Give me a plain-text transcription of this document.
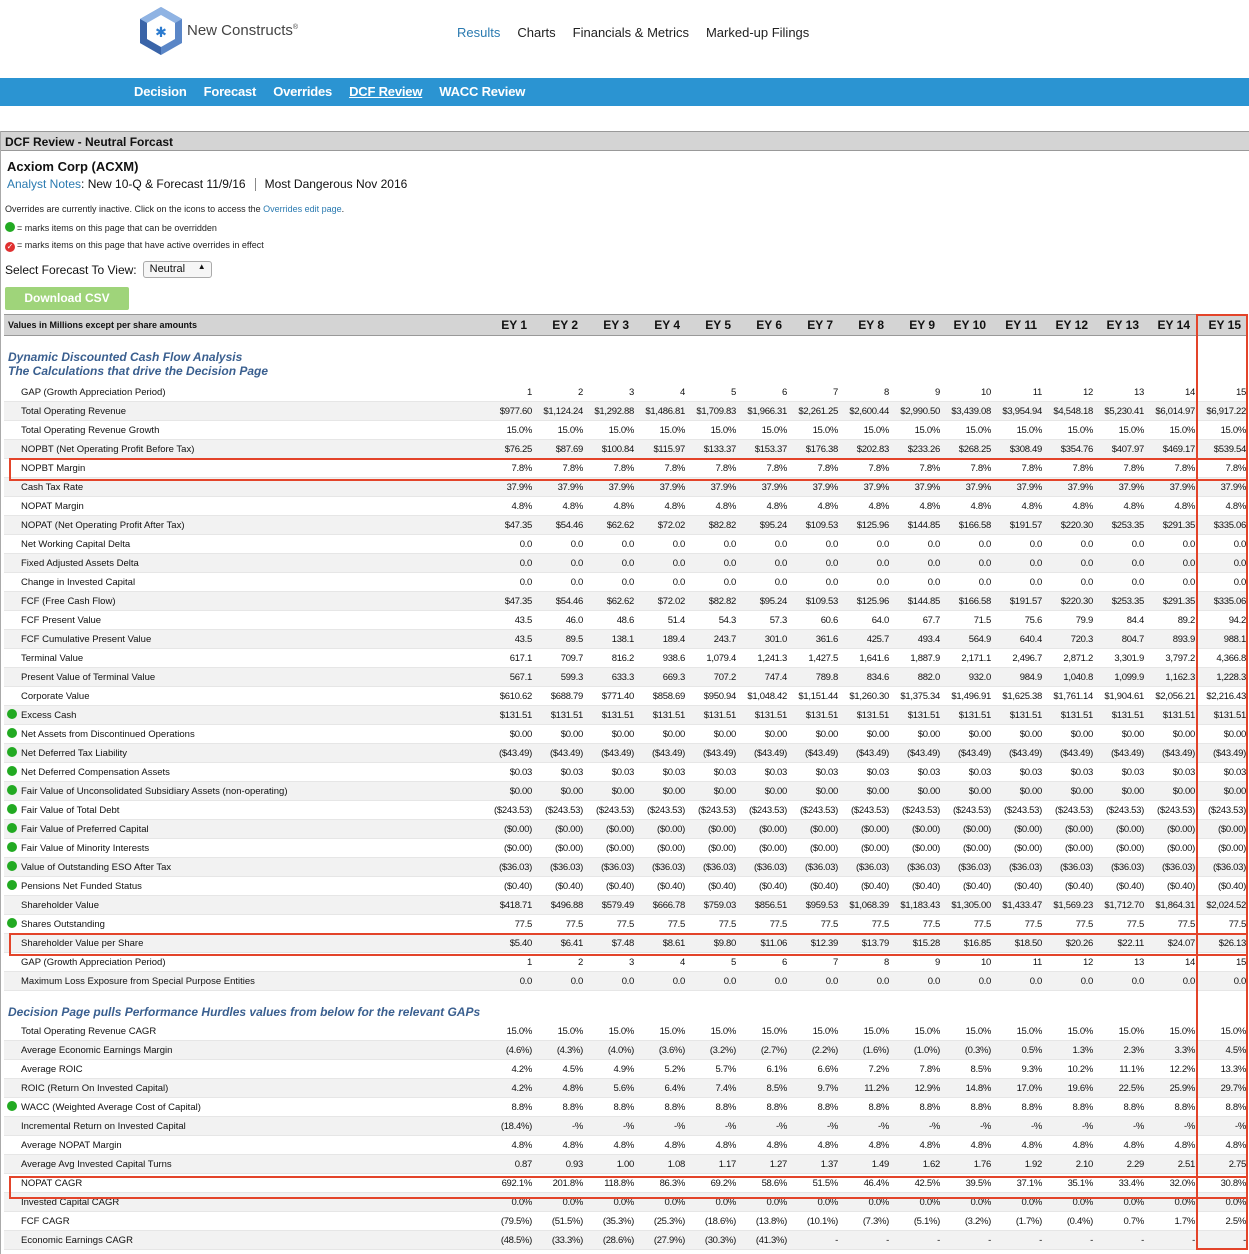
✱ New Constructs®	Results Charts Financials & Metrics Marked-up Filings
Decision Forecast Overrides DCF Review WACC Review
DCF Review - Neutral Forcast
Acxiom Corp (ACXM)
Analyst Notes : New 10-Q & Forecast 11/9/16 Most Dangerous Nov 2016
Overrides are currently inactive. Click on the icons to access the Overrides edit page.
= marks items on this page that can be overridden
✓ = marks items on this page that have active overrides in effect
Select Forecast To View:	Neutral ▲

Download CSV
Values in Millions except per share amounts	EY 1	EY 2	EY 3	EY 4	EY 5	EY 6	EY 7	EY 8	EY 9	EY 10	EY 11	EY 12	EY 13	EY 14	EY 15
Dynamic Discounted Cash Flow Analysis
The Calculations that drive the Decision Page
GAP (Growth Appreciation Period)	1	2	3	4	5	6	7	8	9	10	11	12	13	14	15
Total Operating Revenue	$977.60	$1,124.24	$1,292.88	$1,486.81	$1,709.83	$1,966.31	$2,261.25	$2,600.44	$2,990.50	$3,439.08	$3,954.94	$4,548.18	$5,230.41	$6,014.97	$6,917.22
Total Operating Revenue Growth	15.0%	15.0%	15.0%	15.0%	15.0%	15.0%	15.0%	15.0%	15.0%	15.0%	15.0%	15.0%	15.0%	15.0%	15.0%
NOPBT (Net Operating Profit Before Tax)	$76.25	$87.69	$100.84	$115.97	$133.37	$153.37	$176.38	$202.83	$233.26	$268.25	$308.49	$354.76	$407.97	$469.17	$539.54
NOPBT Margin	7.8%	7.8%	7.8%	7.8%	7.8%	7.8%	7.8%	7.8%	7.8%	7.8%	7.8%	7.8%	7.8%	7.8%	7.8%
Cash Tax Rate	37.9%	37.9%	37.9%	37.9%	37.9%	37.9%	37.9%	37.9%	37.9%	37.9%	37.9%	37.9%	37.9%	37.9%	37.9%
NOPAT Margin	4.8%	4.8%	4.8%	4.8%	4.8%	4.8%	4.8%	4.8%	4.8%	4.8%	4.8%	4.8%	4.8%	4.8%	4.8%
NOPAT (Net Operating Profit After Tax)	$47.35	$54.46	$62.62	$72.02	$82.82	$95.24	$109.53	$125.96	$144.85	$166.58	$191.57	$220.30	$253.35	$291.35	$335.06
Net Working Capital Delta	0.0	0.0	0.0	0.0	0.0	0.0	0.0	0.0	0.0	0.0	0.0	0.0	0.0	0.0	0.0
Fixed Adjusted Assets Delta	0.0	0.0	0.0	0.0	0.0	0.0	0.0	0.0	0.0	0.0	0.0	0.0	0.0	0.0	0.0
Change in Invested Capital	0.0	0.0	0.0	0.0	0.0	0.0	0.0	0.0	0.0	0.0	0.0	0.0	0.0	0.0	0.0
FCF (Free Cash Flow)	$47.35	$54.46	$62.62	$72.02	$82.82	$95.24	$109.53	$125.96	$144.85	$166.58	$191.57	$220.30	$253.35	$291.35	$335.06
FCF Present Value	43.5	46.0	48.6	51.4	54.3	57.3	60.6	64.0	67.7	71.5	75.6	79.9	84.4	89.2	94.2
FCF Cumulative Present Value	43.5	89.5	138.1	189.4	243.7	301.0	361.6	425.7	493.4	564.9	640.4	720.3	804.7	893.9	988.1
Terminal Value	617.1	709.7	816.2	938.6	1,079.4	1,241.3	1,427.5	1,641.6	1,887.9	2,171.1	2,496.7	2,871.2	3,301.9	3,797.2	4,366.8
Present Value of Terminal Value	567.1	599.3	633.3	669.3	707.2	747.4	789.8	834.6	882.0	932.0	984.9	1,040.8	1,099.9	1,162.3	1,228.3
Corporate Value	$610.62	$688.79	$771.40	$858.69	$950.94	$1,048.42	$1,151.44	$1,260.30	$1,375.34	$1,496.91	$1,625.38	$1,761.14	$1,904.61	$2,056.21	$2,216.43
Excess Cash	$131.51	$131.51	$131.51	$131.51	$131.51	$131.51	$131.51	$131.51	$131.51	$131.51	$131.51	$131.51	$131.51	$131.51	$131.51
Net Assets from Discontinued Operations	$0.00	$0.00	$0.00	$0.00	$0.00	$0.00	$0.00	$0.00	$0.00	$0.00	$0.00	$0.00	$0.00	$0.00	$0.00
Net Deferred Tax Liability	($43.49)	($43.49)	($43.49)	($43.49)	($43.49)	($43.49)	($43.49)	($43.49)	($43.49)	($43.49)	($43.49)	($43.49)	($43.49)	($43.49)	($43.49)
Net Deferred Compensation Assets	$0.03	$0.03	$0.03	$0.03	$0.03	$0.03	$0.03	$0.03	$0.03	$0.03	$0.03	$0.03	$0.03	$0.03	$0.03
Fair Value of Unconsolidated Subsidiary Assets (non-operating)	$0.00	$0.00	$0.00	$0.00	$0.00	$0.00	$0.00	$0.00	$0.00	$0.00	$0.00	$0.00	$0.00	$0.00	$0.00
Fair Value of Total Debt	($243.53)	($243.53)	($243.53)	($243.53)	($243.53)	($243.53)	($243.53)	($243.53)	($243.53)	($243.53)	($243.53)	($243.53)	($243.53)	($243.53)	($243.53)
Fair Value of Preferred Capital	($0.00)	($0.00)	($0.00)	($0.00)	($0.00)	($0.00)	($0.00)	($0.00)	($0.00)	($0.00)	($0.00)	($0.00)	($0.00)	($0.00)	($0.00)
Fair Value of Minority Interests	($0.00)	($0.00)	($0.00)	($0.00)	($0.00)	($0.00)	($0.00)	($0.00)	($0.00)	($0.00)	($0.00)	($0.00)	($0.00)	($0.00)	($0.00)
Value of Outstanding ESO After Tax	($36.03)	($36.03)	($36.03)	($36.03)	($36.03)	($36.03)	($36.03)	($36.03)	($36.03)	($36.03)	($36.03)	($36.03)	($36.03)	($36.03)	($36.03)
Pensions Net Funded Status	($0.40)	($0.40)	($0.40)	($0.40)	($0.40)	($0.40)	($0.40)	($0.40)	($0.40)	($0.40)	($0.40)	($0.40)	($0.40)	($0.40)	($0.40)
Shareholder Value	$418.71	$496.88	$579.49	$666.78	$759.03	$856.51	$959.53	$1,068.39	$1,183.43	$1,305.00	$1,433.47	$1,569.23	$1,712.70	$1,864.31	$2,024.52
Shares Outstanding	77.5	77.5	77.5	77.5	77.5	77.5	77.5	77.5	77.5	77.5	77.5	77.5	77.5	77.5	77.5
Shareholder Value per Share	$5.40	$6.41	$7.48	$8.61	$9.80	$11.06	$12.39	$13.79	$15.28	$16.85	$18.50	$20.26	$22.11	$24.07	$26.13
GAP (Growth Appreciation Period)	1	2	3	4	5	6	7	8	9	10	11	12	13	14	15
Maximum Loss Exposure from Special Purpose Entities	0.0	0.0	0.0	0.0	0.0	0.0	0.0	0.0	0.0	0.0	0.0	0.0	0.0	0.0	0.0
Decision Page pulls Performance Hurdles values from below for the relevant GAPs
Total Operating Revenue CAGR	15.0%	15.0%	15.0%	15.0%	15.0%	15.0%	15.0%	15.0%	15.0%	15.0%	15.0%	15.0%	15.0%	15.0%	15.0%
Average Economic Earnings Margin	(4.6%)	(4.3%)	(4.0%)	(3.6%)	(3.2%)	(2.7%)	(2.2%)	(1.6%)	(1.0%)	(0.3%)	0.5%	1.3%	2.3%	3.3%	4.5%
Average ROIC	4.2%	4.5%	4.9%	5.2%	5.7%	6.1%	6.6%	7.2%	7.8%	8.5%	9.3%	10.2%	11.1%	12.2%	13.3%
ROIC (Return On Invested Capital)	4.2%	4.8%	5.6%	6.4%	7.4%	8.5%	9.7%	11.2%	12.9%	14.8%	17.0%	19.6%	22.5%	25.9%	29.7%
WACC (Weighted Average Cost of Capital)	8.8%	8.8%	8.8%	8.8%	8.8%	8.8%	8.8%	8.8%	8.8%	8.8%	8.8%	8.8%	8.8%	8.8%	8.8%
Incremental Return on Invested Capital	(18.4%)	-%	-%	-%	-%	-%	-%	-%	-%	-%	-%	-%	-%	-%	-%
Average NOPAT Margin	4.8%	4.8%	4.8%	4.8%	4.8%	4.8%	4.8%	4.8%	4.8%	4.8%	4.8%	4.8%	4.8%	4.8%	4.8%
Average Avg Invested Capital Turns	0.87	0.93	1.00	1.08	1.17	1.27	1.37	1.49	1.62	1.76	1.92	2.10	2.29	2.51	2.75
NOPAT CAGR	692.1%	201.8%	118.8%	86.3%	69.2%	58.6%	51.5%	46.4%	42.5%	39.5%	37.1%	35.1%	33.4%	32.0%	30.8%
Invested Capital CAGR	0.0%	0.0%	0.0%	0.0%	0.0%	0.0%	0.0%	0.0%	0.0%	0.0%	0.0%	0.0%	0.0%	0.0%	0.0%
FCF CAGR	(79.5%)	(51.5%)	(35.3%)	(25.3%)	(18.6%)	(13.8%)	(10.1%)	(7.3%)	(5.1%)	(3.2%)	(1.7%)	(0.4%)	0.7%	1.7%	2.5%
Economic Earnings CAGR	(48.5%)	(33.3%)	(28.6%)	(27.9%)	(30.3%)	(41.3%)	-	-	-	-	-	-	-	-	-
